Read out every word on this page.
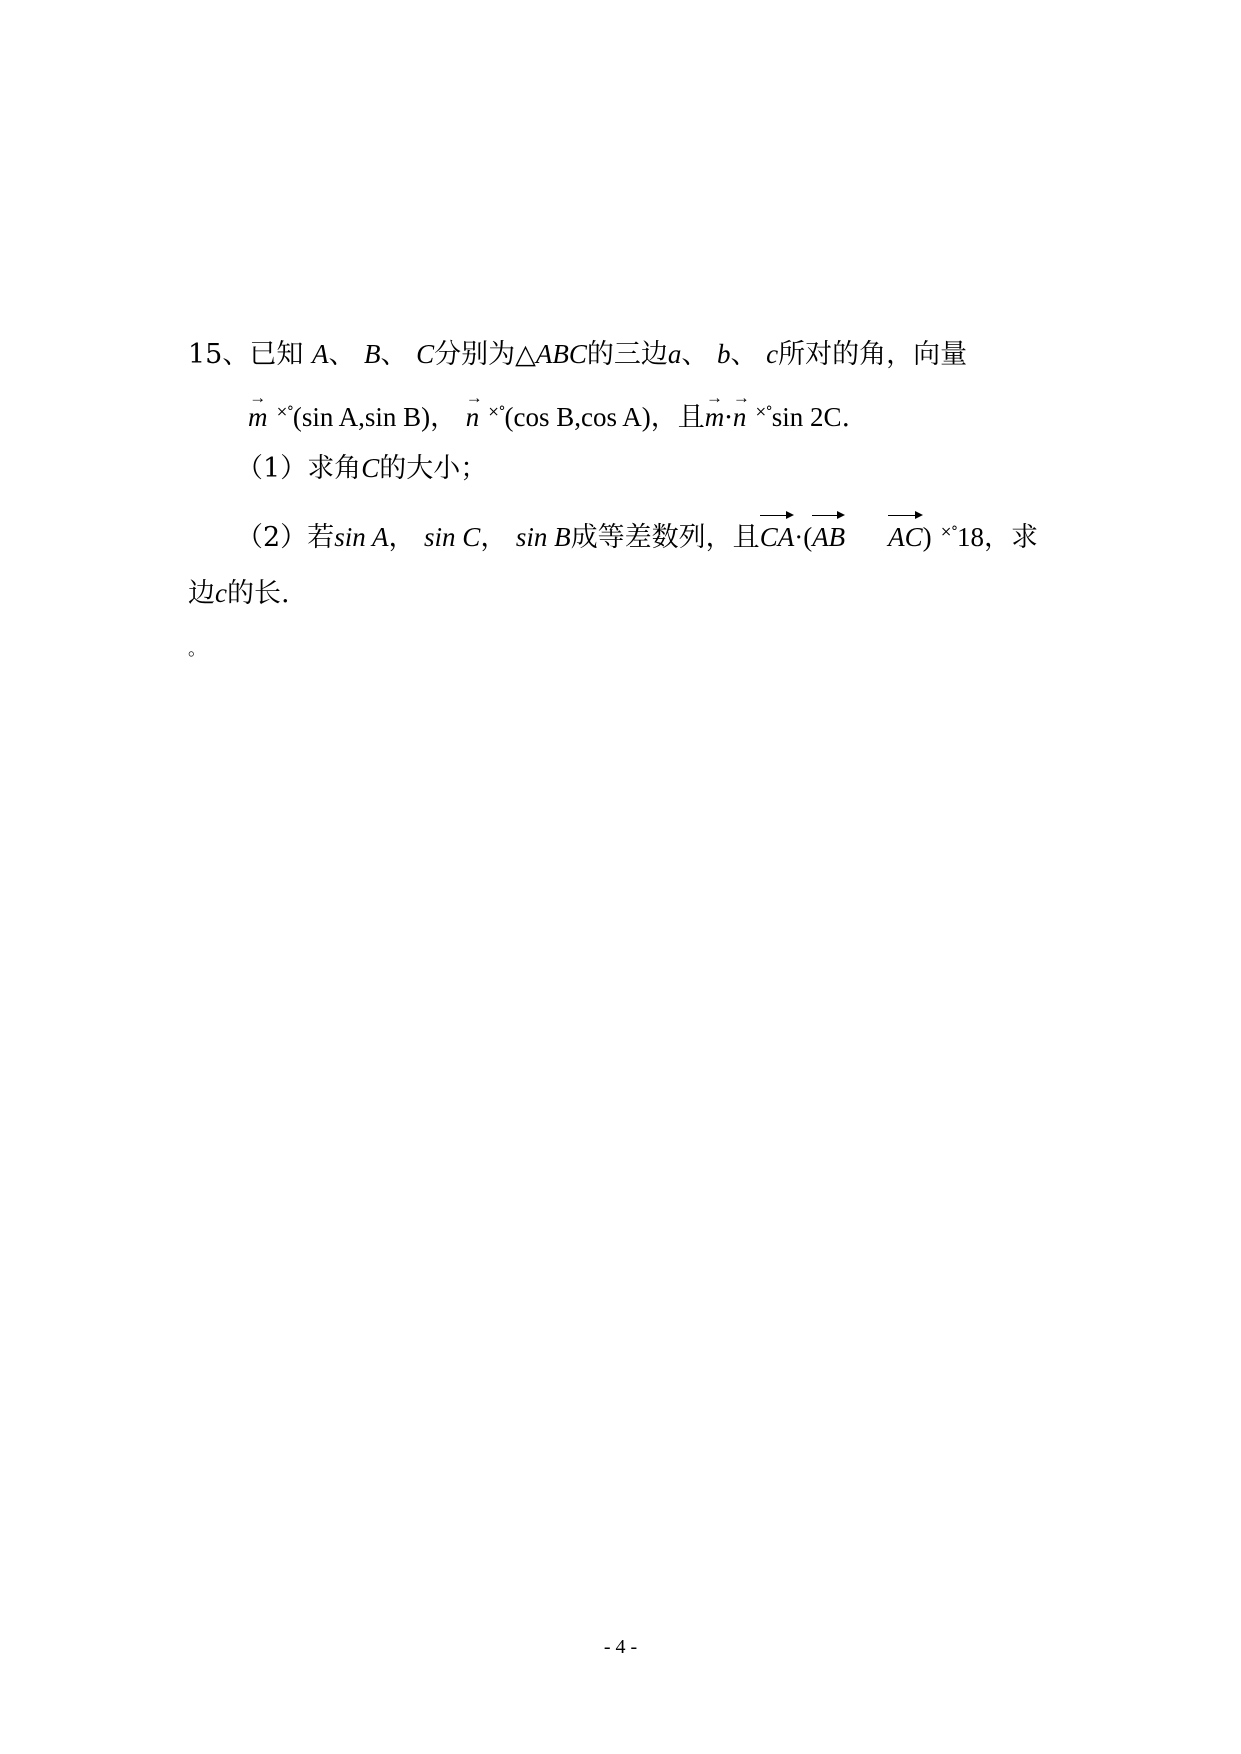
15、已知 A、 B、 C分别为△ABC的三边a、 b、 c所对的角，向量
→ m ×°(sin A,sin B)， → n ×°(cos B,cos A)，且→ m·→ n ×°sin 2C.
（1）求角C的大小；
（2）若sin A， sin C， sin B成等差数列，且CA·(AB AC) ×°18，求
边c的长.
。
- 4 -
